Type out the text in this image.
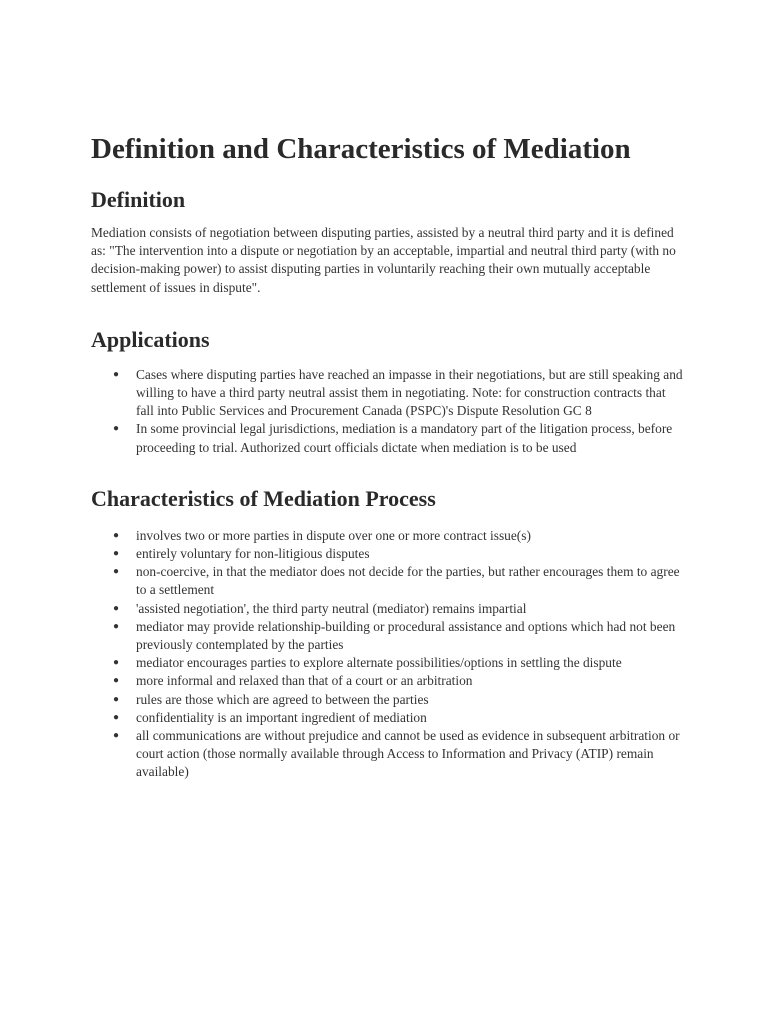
Definition and Characteristics of Mediation
Definition

Mediation consists of negotiation between disputing parties, assisted by a neutral third party and it is defined as: "The intervention into a dispute or negotiation by an acceptable, impartial and neutral third party (with no decision-making power) to assist disputing parties in voluntarily reaching their own mutually acceptable settlement of issues in dispute".

Applications
● Cases where disputing parties have reached an impasse in their negotiations, but are still speaking and willing to have a third party neutral assist them in negotiating. Note: for construction contracts that fall into Public Services and Procurement Canada (PSPC)'s Dispute Resolution GC 8
● In some provincial legal jurisdictions, mediation is a mandatory part of the litigation process, before proceeding to trial. Authorized court officials dictate when mediation is to be used
Characteristics of Mediation Process
● involves two or more parties in dispute over one or more contract issue(s)
● entirely voluntary for non-litigious disputes
● non-coercive, in that the mediator does not decide for the parties, but rather encourages them to agree to a settlement
● 'assisted negotiation', the third party neutral (mediator) remains impartial
● mediator may provide relationship-building or procedural assistance and options which had not been previously contemplated by the parties
● mediator encourages parties to explore alternate possibilities/options in settling the dispute
● more informal and relaxed than that of a court or an arbitration
● rules are those which are agreed to between the parties
● confidentiality is an important ingredient of mediation
● all communications are without prejudice and cannot be used as evidence in subsequent arbitration or court action (those normally available through Access to Information and Privacy (ATIP) remain available)
